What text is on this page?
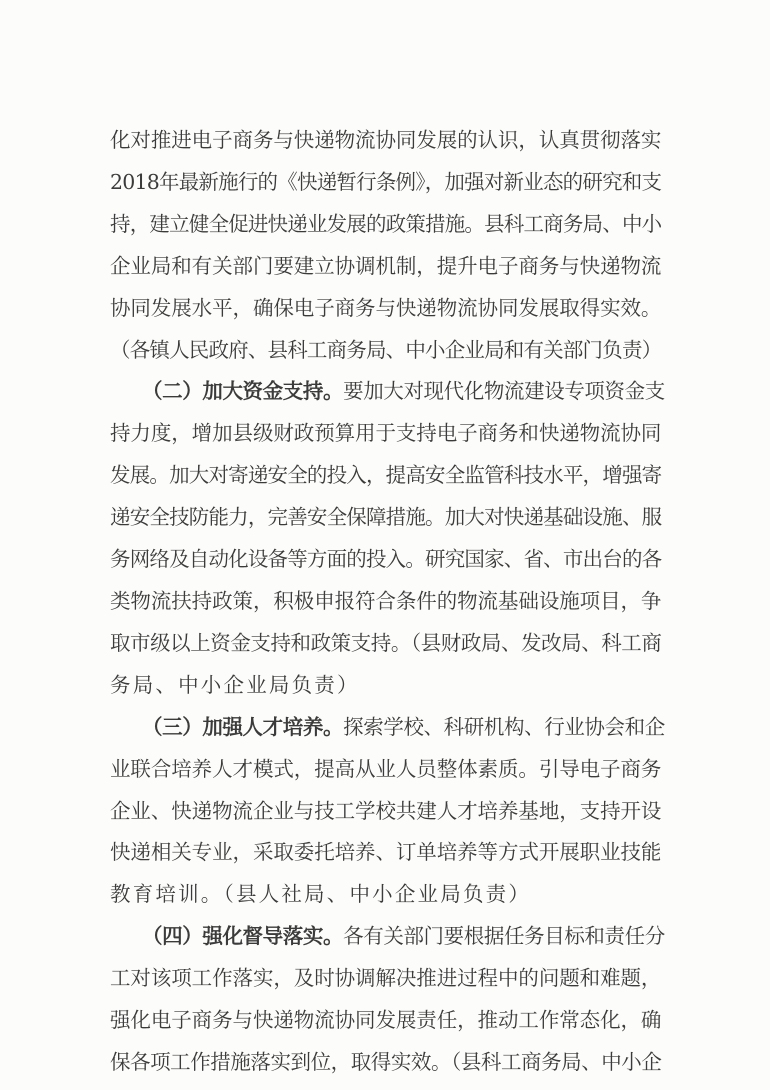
化对推进电子商务与快递物流协同发展的认识，认真贯彻落实
2018年最新施行的《快递暂行条例》，加强对新业态的研究和支
持，建立健全促进快递业发展的政策措施。县科工商务局、中小
企业局和有关部门要建立协调机制，提升电子商务与快递物流
协同发展水平，确保电子商务与快递物流协同发展取得实效。
（各镇人民政府、县科工商务局、中小企业局和有关部门负责）
（二）加大资金支持。要加大对现代化物流建设专项资金支
持力度，增加县级财政预算用于支持电子商务和快递物流协同
发展。加大对寄递安全的投入，提高安全监管科技水平，增强寄
递安全技防能力，完善安全保障措施。加大对快递基础设施、服
务网络及自动化设备等方面的投入。研究国家、省、市出台的各
类物流扶持政策，积极申报符合条件的物流基础设施项目，争
取市级以上资金支持和政策支持。（县财政局、发改局、科工商
务局、中小企业局负责）
（三）加强人才培养。探索学校、科研机构、行业协会和企
业联合培养人才模式，提高从业人员整体素质。引导电子商务
企业、快递物流企业与技工学校共建人才培养基地，支持开设
快递相关专业，采取委托培养、订单培养等方式开展职业技能
教育培训。（县人社局、中小企业局负责）
（四）强化督导落实。各有关部门要根据任务目标和责任分
工对该项工作落实，及时协调解决推进过程中的问题和难题，
强化电子商务与快递物流协同发展责任，推动工作常态化，确
保各项工作措施落实到位，取得实效。（县科工商务局、中小企
